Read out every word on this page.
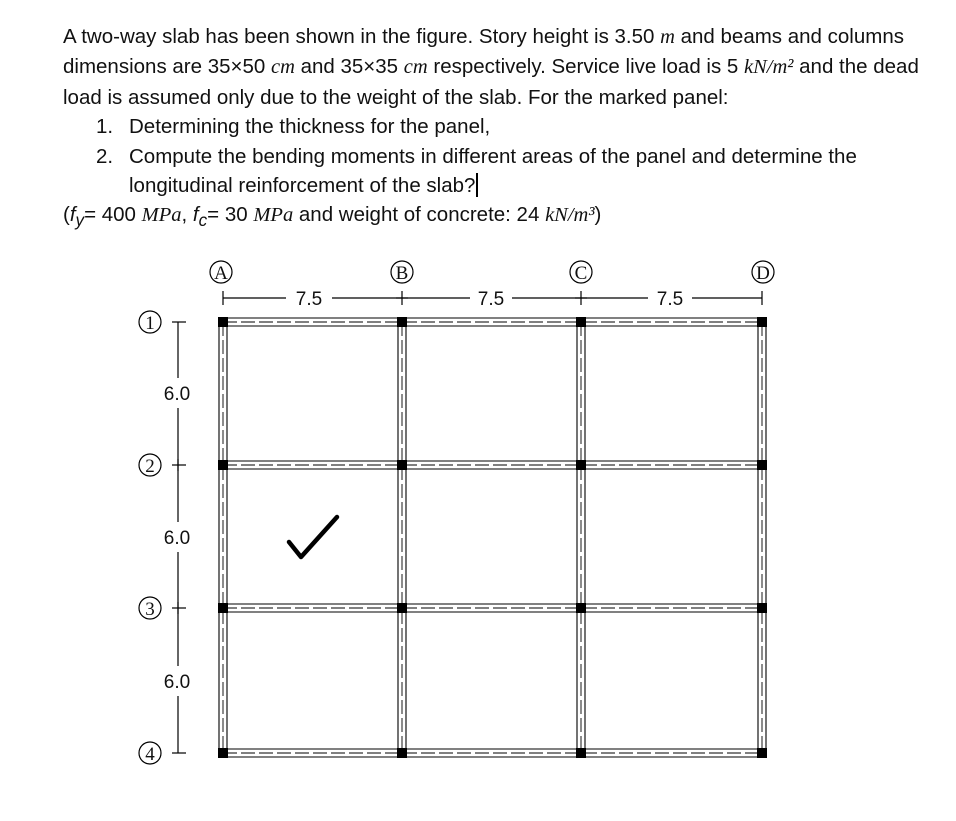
A two-way slab has been shown in the figure. Story height is 3.50 m and beams and columns dimensions are 35×50 cm and 35×35 cm respectively. Service live load is 5 kN/m² and the dead load is assumed only due to the weight of the slab. For the marked panel:

1. Determining the thickness for the panel,
2. Compute the bending moments in different areas of the panel and determine the longitudinal reinforcement of the slab?

($f_y= 400$ MPa, $f_c= 30$ MPa and weight of concrete: 24 kN/m³)

7.5	7.5	7.5
6.0
6.0
6.0
A	B	C	D
1
2
3
4
